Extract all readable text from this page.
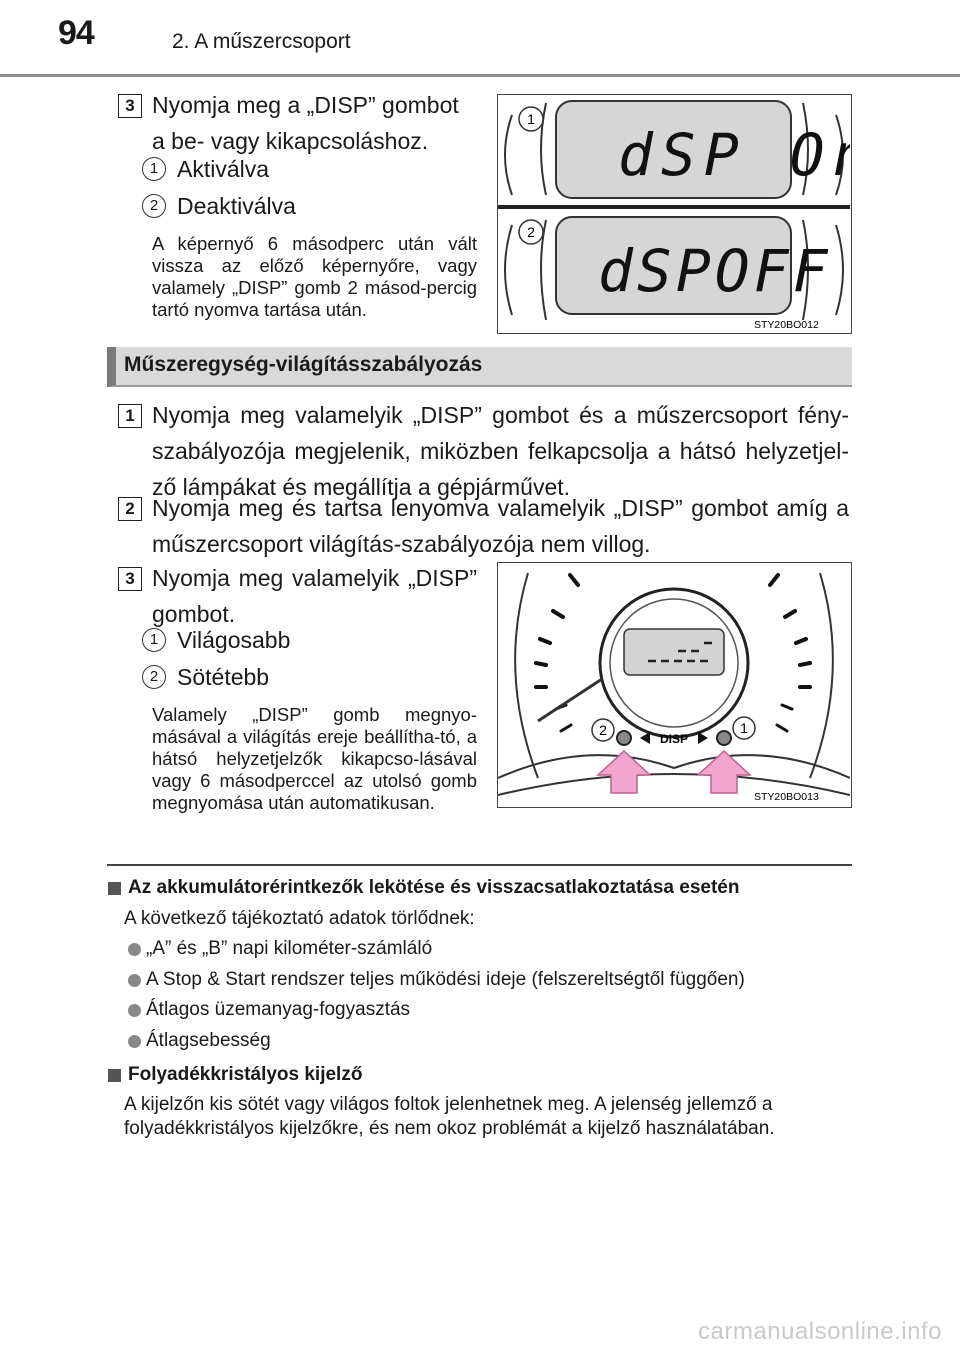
94	2. A műszercsoport
3 Nyomja meg a „DISP” gombot a be- vagy kikapcsoláshoz.
1 Aktiválva
2 Deaktiválva
A képernyő 6 másodperc után vált vissza az előző képernyőre, vagy valamely „DISP” gomb 2 másod-percig tartó nyomva tartása után.
1
2
dSP On
dSPOFF
STY20BO012
Műszeregység-világításszabályozás
1 Nyomja meg valamelyik „DISP” gombot és a műszercsoport fény-szabályozója megjelenik, miközben felkapcsolja a hátsó helyzetjel-ző lámpákat és megállítja a gépjárművet.
2 Nyomja meg és tartsa lenyomva valamelyik „DISP” gombot amíg a műszercsoport világítás-szabályozója nem villog.
3 Nyomja meg valamelyik „DISP” gombot.
1 Világosabb
2 Sötétebb
Valamely „DISP” gomb megnyo-másával a világítás ereje beállítha-tó, a hátsó helyzetjelzők kikapcso-lásával vagy 6 másodperccel az utolsó gomb megnyomása után automatikusan.
DISP
2	1
STY20BO013
Az akkumulátorérintkezők lekötése és visszacsatlakoztatása esetén
A következő tájékoztató adatok törlődnek:
„A” és „B” napi kilométer-számláló
A Stop & Start rendszer teljes működési ideje (felszereltségtől függően)
Átlagos üzemanyag-fogyasztás
Átlagsebesség
Folyadékkristályos kijelző
A kijelzőn kis sötét vagy világos foltok jelenhetnek meg. A jelenség jellemző a folyadékkristályos kijelzőkre, és nem okoz problémát a kijelző használatában.
carmanualsonline.info
